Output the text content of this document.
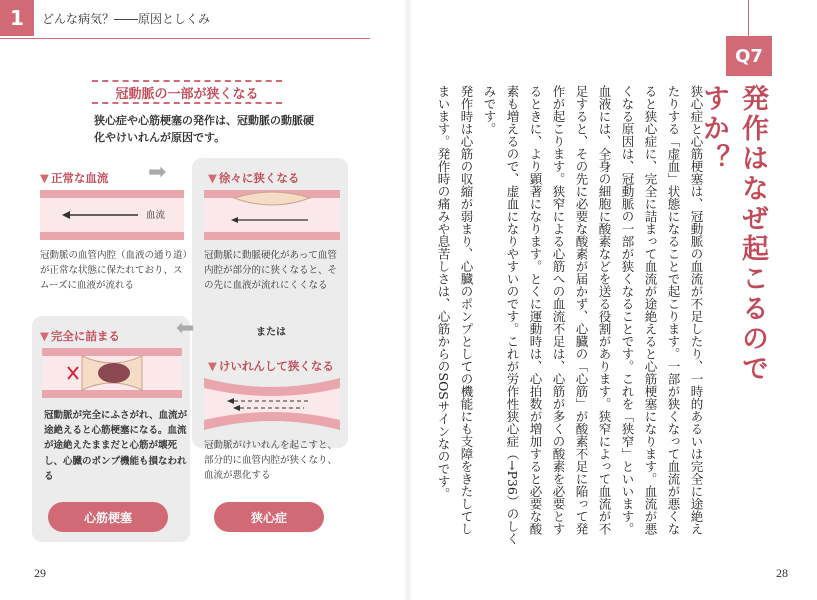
1	どんな病気？――原因としくみ
冠動脈の一部が狭くなる
狭心症や心筋梗塞の発作は、冠動脈の動脈硬化やけいれんが原因です。
▼ 正常な血流
血流
冠動脈の血管内腔（血液の通り道）が正常な状態に保たれており、スムーズに血液が流れる
➡	▼ 徐々に狭くなる
冠動脈に動脈硬化があって血管内腔が部分的に狭くなると、その先に血液が流れにくくなる
⬅	または
▼ 完全に詰まる
冠動脈が完全にふさがれ、血流が途絶えると心筋梗塞になる。血流が途絶えたままだと心筋が壊死し、心臓のポンプ機能も損なわれる
心筋梗塞
▼ けいれんして狭くなる
冠動脈がけいれんを起こすと、部分的に血管内腔が狭くなり、血流が悪化する
狭心症
29
Q7
発作はなぜ起こるのですか？

狭心症と心筋梗塞は、冠動脈の血流が不足したり、一時的あるいは完全に途絶えたりする「虚血」状態になることで起こります。一部が狭くなって血流が悪くなると狭心症に、完全に詰まって血流が途絶えると心筋梗塞になります。血流が悪くなる原因は、冠動脈の一部が狭くなることです。これを「狭窄」といいます。

血液には、全身の細胞に酸素などを送る役割があります。狭窄によって血流が不足すると、その先に必要な酸素が届かず、心臓の「心筋」が酸素不足に陥って発作が起こります。狭窄による心筋への血流不足は、心筋が多くの酸素を必要とするときに、より顕著になります。とくに運動時は、心拍数が増加すると必要な酸素も増えるので、虚血になりやすいのです。これが労作性狭心症（→P36）のしくみです。

発作時は心筋の収縮が弱まり、心臓のポンプとしての機能にも支障をきたしてしまいます。発作時の痛みや息苦しさは、心筋からのSOSサインなのです。

28
